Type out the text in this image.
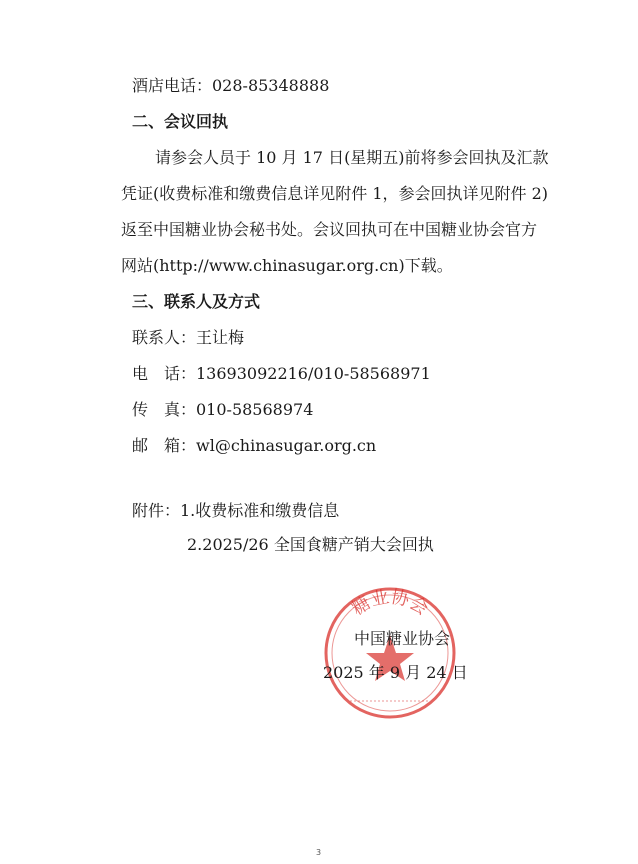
酒店电话：028-85348888
二、会议回执
请参会人员于 10 月 17 日(星期五)前将参会回执及汇款
凭证(收费标准和缴费信息详见附件 1，参会回执详见附件 2)
返至中国糖业协会秘书处。会议回执可在中国糖业协会官方
网站(http://www.chinasugar.org.cn)下载。
三、联系人及方式
联系人：王让梅
电　话：13693092216/010-58568971
传　真：010-58568974
邮　箱：wl@chinasugar.org.cn
附件：1.收费标准和缴费信息
2.2025/26 全国食糖产销大会回执
糖业协会
中国糖业协会
2025 年 9 月 24 日
3
